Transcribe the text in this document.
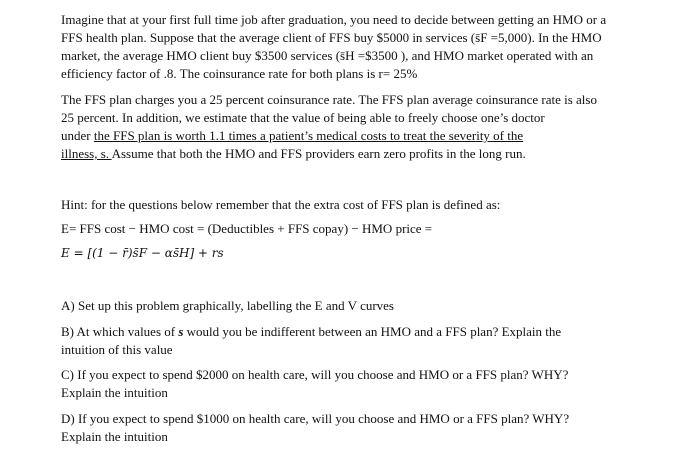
Imagine that at your first full time job after graduation, you need to decide between getting an HMO or a
FFS health plan. Suppose that the average client of FFS buy $5000 in services (s̄F =5,000). In the HMO
market, the average HMO client buy $3500 services (s̄H =$3500 ), and HMO market operated with an
efficiency factor of .8. The coinsurance rate for both plans is r= 25%
The FFS plan charges you a 25 percent coinsurance rate. The FFS plan average coinsurance rate is also
25 percent. In addition, we estimate that the value of being able to freely choose one’s doctor
under the FFS plan is worth 1.1 times a patient’s medical costs to treat the severity of the
illness, s. Assume that both the HMO and FFS providers earn zero profits in the long run.
Hint: for the questions below remember that the extra cost of FFS plan is defined as:
E= FFS cost − HMO cost = (Deductibles + FFS copay) − HMO price =
E = [(1 − r̄)s̄F − αs̄H] + rs
A) Set up this problem graphically, labelling the E and V curves
B) At which values of s would you be indifferent between an HMO and a FFS plan? Explain the
intuition of this value
C) If you expect to spend $2000 on health care, will you choose and HMO or a FFS plan? WHY?
Explain the intuition
D) If you expect to spend $1000 on health care, will you choose and HMO or a FFS plan? WHY?
Explain the intuition
